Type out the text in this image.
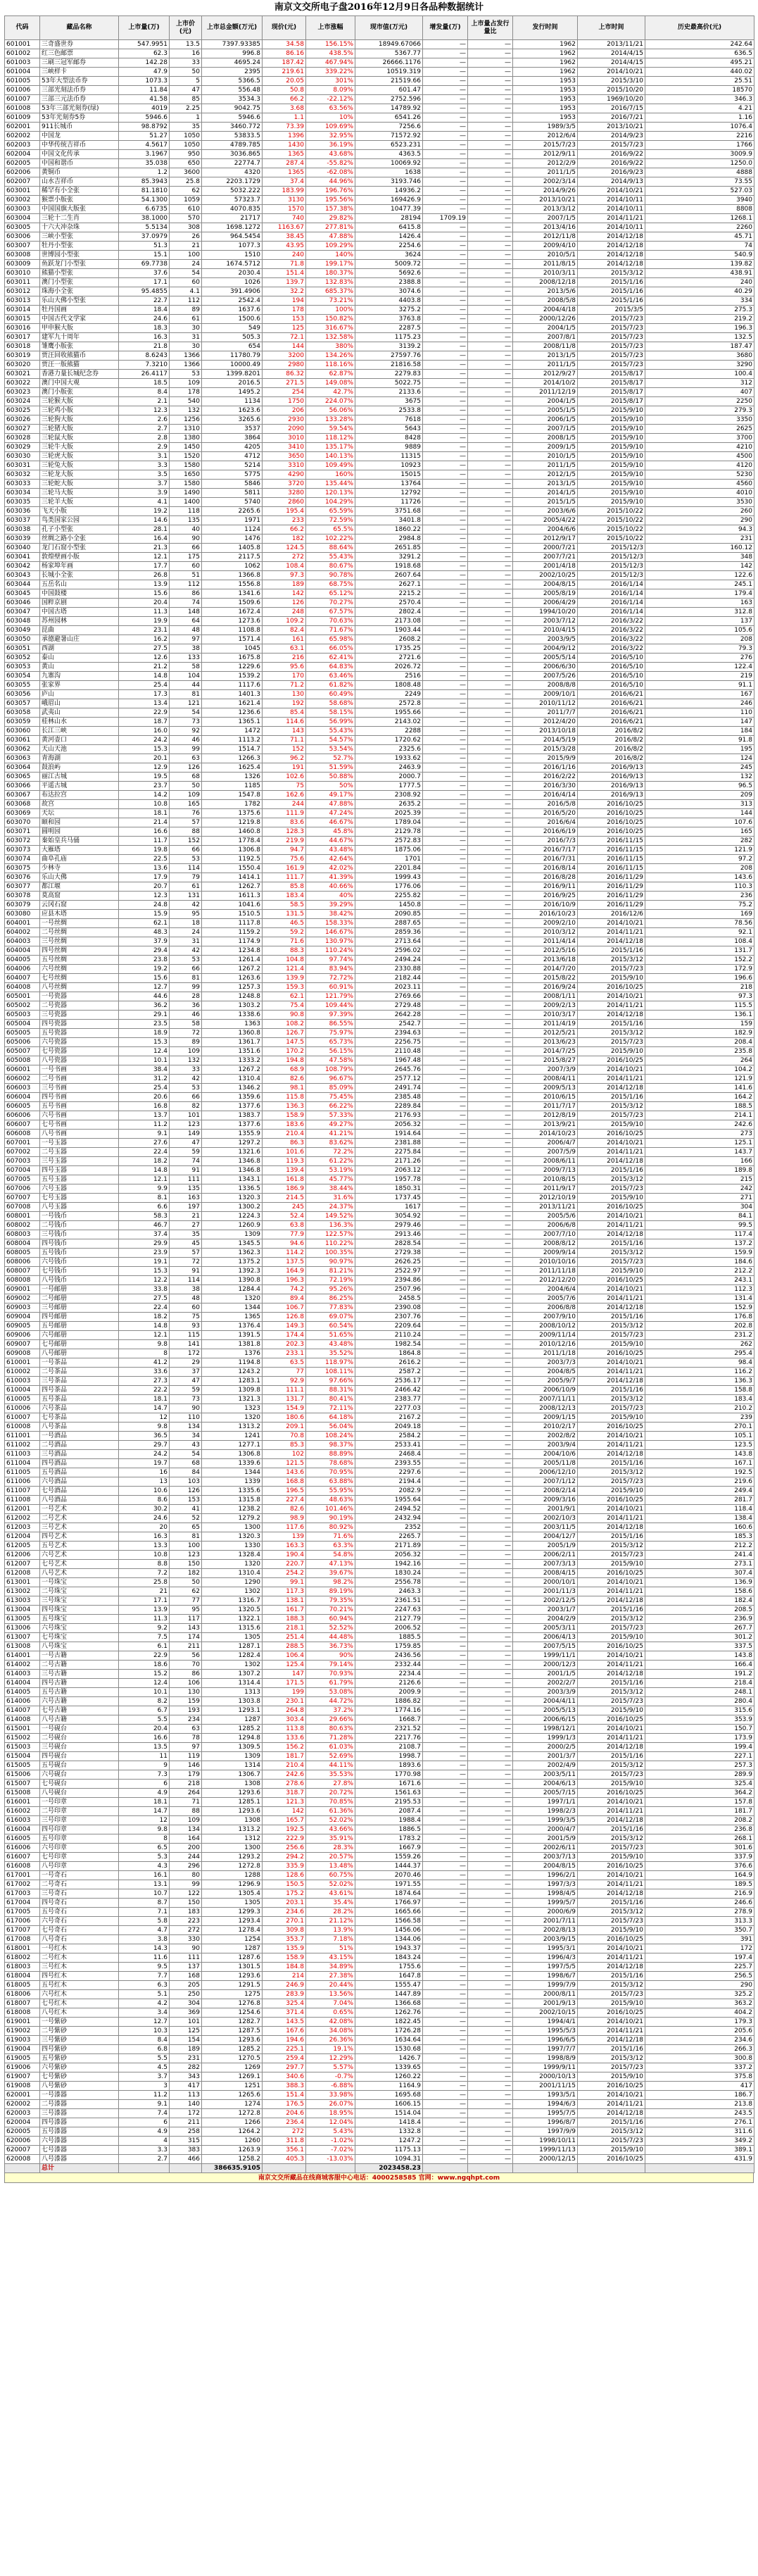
南京文交所电子盘2016年12月9日各品种数据统计
代码	藏品名称	上市量(万)	上市价(元)	上市总金额(万元)	现价(元)	上市涨幅	现市值(万元)	增发量(万)	上市量占发行量比	发行时间	上市时间	历史最高价(元)
601001	三奇盛世券	547.9951	13.5	7397.93385	34.58	156.15%	18949.67066	—	—	1962	2013/11/21	242.64
601002	红三色邮票	62.3	16	996.8	86.16	438.5%	5367.77	—	—	1962	2014/4/15	636.5
601003	三刷三冠军邮券	142.28	33	4695.24	187.42	467.94%	26666.1176	—	—	1962	2014/4/15	495.21
601004	三峡样卡	47.9	50	2395	219.61	339.22%	10519.319	—	—	1962	2014/10/21	440.02
601005	53年大型法币券	1073.3	5	5366.5	20.05	301%	21519.66	—	—	1953	2015/3/10	25.51
601006	三部光刻法币券	11.84	47	556.48	50.8	8.09%	601.47	—	—	1953	2015/10/20	18570
601007	三部三元法币券	41.58	85	3534.3	66.2	-22.12%	2752.596	—	—	1953	1969/10/20	346.3
601008	53年三部光刻券(绿)	4019	2.25	9042.75	3.68	63.56%	14789.92	—	—	1953	2016/7/15	4.21
601009	53年光刻券5券	5946.6	1	5946.6	1.1	10%	6541.26	—	—	1953	2016/7/21	1.16
602001	911长城币	98.8792	35	3460.772	73.39	109.69%	7256.6	—	—	1989/3/5	2013/10/21	1076.4
602002	中国龙	51.27	1050	53833.5	1396	32.95%	71572.92	—	—	2012/6/4	2014/9/23	2216
602003	中华传统吉祥币	4.5617	1050	4789.785	1430	36.19%	6523.231	—	—	2015/7/23	2015/7/23	1766
602004	中国文化传承	3.1967	950	3036.865	1365	43.68%	4363.5	—	—	2012/9/11	2016/9/22	3009.9
602005	中国和谐币	35.038	650	22774.7	287.4	-55.82%	10069.92	—	—	2012/2/9	2016/9/22	1250.0
602006	黄铜币	1.2	3600	4320	1365	-62.08%	1638	—	—	2011/1/5	2016/9/23	4888
602007	山水吉祥币	85.3943	25.8	2203.1729	37.4	44.96%	3193.746	—	—	2002/3/14	2014/9/13	73.55
603001	稀罕有小全张	81.1810	62	5032.222	183.99	196.76%	14936.2	—	—	2014/9/26	2014/10/21	527.03
603002	猴票小版张	54.1300	1059	57323.7	3130	195.56%	169426.9	—	—	2013/10/21	2014/10/11	3940
603003	中国国旗大版张	6.6735	610	4070.835	1570	157.38%	10477.39	—	—	2013/3/12	2014/10/11	8808
603004	三轮十二生肖	38.1000	570	21717	740	29.82%	28194	1709.19	—	2007/1/5	2014/11/21	1268.1
603005	十六大冲杂珠	5.5134	308	1698.1272	1163.67	277.81%	6415.8	—	—	2013/4/16	2014/10/11	2260
603006	三峡小型张	37.0979	26	964.5454	38.45	47.88%	1426.4	—	—	2012/11/8	2014/12/18	45.71
603007	牡丹小型张	51.3	21	1077.3	43.95	109.29%	2254.6	—	—	2009/4/10	2014/12/18	74
603008	世博园小型张	15.1	100	1510	240	140%	3624	—	—	2010/5/1	2014/12/18	540.9
603009	鱼跃龙门小型张	69.7738	24	1674.5712	71.8	199.17%	5009.72	—	—	2011/8/15	2014/12/18	139.82
603010	熊猫小型张	37.6	54	2030.4	151.4	180.37%	5692.6	—	—	2010/3/11	2015/3/12	438.91
603011	澳门小型张	17.1	60	1026	139.7	132.83%	2388.8	—	—	2008/12/18	2015/1/16	240
603012	珠海小全张	95.4855	4.1	391.4906	32.2	685.37%	3074.6	—	—	2013/5/6	2015/1/16	40.29
603013	乐山大佛小型张	22.7	112	2542.4	194	73.21%	4403.8	—	—	2008/5/8	2015/1/16	334
603014	牡丹国画	18.4	89	1637.6	178	100%	3275.2	—	—	2004/4/18	2015/3/5	275.3
603015	中国古代文学家	24.6	61	1500.6	153	150.82%	3763.8	—	—	2000/12/26	2015/7/23	219.2
603016	甲申猴大版	18.3	30	549	125	316.67%	2287.5	—	—	2004/1/5	2015/7/23	196.3
603017	建军九十周年	16.3	31	505.3	72.1	132.58%	1175.23	—	—	2007/8/1	2015/7/23	132.5
603018	雏鹰小版张	21.8	30	654	144	380%	3139.2	—	—	2008/11/8	2015/7/23	187.47
603019	贾汪回收熊猫币	8.6243	1366	11780.79	3200	134.26%	27597.76	—	—	2013/1/5	2015/7/23	3680
603020	贾汪一版熊猫	7.3210	1366	10000.49	2980	118.16%	21816.58	—	—	2011/1/5	2015/7/23	3290
603021	香港力量长城纪念券	26.4117	53	1399.8201	86.32	62.87%	2279.83	—	—	2012/9/27	2015/8/17	100.4
603022	澳门中国大观	18.5	109	2016.5	271.5	149.08%	5022.75	—	—	2014/10/2	2015/8/17	312
603023	澳门小版张	8.4	178	1495.2	254	42.7%	2133.6	—	—	2011/12/19	2015/8/17	407
603024	三轮猴大版	2.1	540	1134	1750	224.07%	3675	—	—	2004/1/5	2015/8/17	2250
603025	三轮鸡小版	12.3	132	1623.6	206	56.06%	2533.8	—	—	2005/1/5	2015/9/10	279.3
603026	三轮狗大版	2.6	1256	3265.6	2930	133.28%	7618	—	—	2006/1/5	2015/9/10	3350
603027	三轮猪大版	2.7	1310	3537	2090	59.54%	5643	—	—	2007/1/5	2015/9/10	2625
603028	三轮鼠大版	2.8	1380	3864	3010	118.12%	8428	—	—	2008/1/5	2015/9/10	3700
603029	三轮牛大版	2.9	1450	4205	3410	135.17%	9889	—	—	2009/1/5	2015/9/10	4210
603030	三轮虎大版	3.1	1520	4712	3650	140.13%	11315	—	—	2010/1/5	2015/9/10	4500
603031	三轮兔大版	3.3	1580	5214	3310	109.49%	10923	—	—	2011/1/5	2015/9/10	4120
603032	三轮龙大版	3.5	1650	5775	4290	160%	15015	—	—	2012/1/5	2015/9/10	5230
603033	三轮蛇大版	3.7	1580	5846	3720	135.44%	13764	—	—	2013/1/5	2015/9/10	4560
603034	三轮马大版	3.9	1490	5811	3280	120.13%	12792	—	—	2014/1/5	2015/9/10	4010
603035	三轮羊大版	4.1	1400	5740	2860	104.29%	11726	—	—	2015/1/5	2015/9/10	3530
603036	飞天小版	19.2	118	2265.6	195.4	65.59%	3751.68	—	—	2003/6/6	2015/10/22	260
603037	鸟类国家公园	14.6	135	1971	233	72.59%	3401.8	—	—	2005/4/22	2015/10/22	290
603038	孔子小型张	28.1	40	1124	66.2	65.5%	1860.22	—	—	2004/6/6	2015/10/22	94.3
603039	丝绸之路小全张	16.4	90	1476	182	102.22%	2984.8	—	—	2012/9/17	2015/10/22	231
603040	龙门石窟小型张	21.3	66	1405.8	124.5	88.64%	2651.85	—	—	2000/7/21	2015/12/3	160.12
603041	敦煌壁画小版	12.1	175	2117.5	272	55.43%	3291.2	—	—	2007/7/21	2015/12/3	348
603042	杨家埠年画	17.7	60	1062	108.4	80.67%	1918.68	—	—	2001/4/18	2015/12/3	142
603043	长城小全张	26.8	51	1366.8	97.3	90.78%	2607.64	—	—	2002/10/25	2015/12/3	122.6
603044	五岳名山	13.9	112	1556.8	189	68.75%	2627.1	—	—	2004/8/15	2016/1/14	245.1
603045	中国鼓楼	15.6	86	1341.6	142	65.12%	2215.2	—	—	2005/8/19	2016/1/14	179.4
603046	国粹京剧	20.4	74	1509.6	126	70.27%	2570.4	—	—	2006/4/29	2016/1/14	163
603047	中国古塔	11.3	148	1672.4	248	67.57%	2802.4	—	—	1994/10/20	2016/1/14	312.8
603048	苏州园林	19.9	64	1273.6	109.2	70.63%	2173.08	—	—	2003/7/12	2016/3/22	137
603049	昆曲	23.1	48	1108.8	82.4	71.67%	1903.44	—	—	2010/4/15	2016/3/22	105.6
603050	承德避暑山庄	16.2	97	1571.4	161	65.98%	2608.2	—	—	2003/9/5	2016/3/22	208
603051	西湖	27.5	38	1045	63.1	66.05%	1735.25	—	—	2004/9/12	2016/3/22	79.3
603052	泰山	12.6	133	1675.8	216	62.41%	2721.6	—	—	2005/5/14	2016/5/10	276
603053	黄山	21.2	58	1229.6	95.6	64.83%	2026.72	—	—	2006/6/30	2016/5/10	122.4
603054	九寨沟	14.8	104	1539.2	170	63.46%	2516	—	—	2007/5/26	2016/5/10	219
603055	张家界	25.4	44	1117.6	71.2	61.82%	1808.48	—	—	2008/8/8	2016/5/10	91.1
603056	庐山	17.3	81	1401.3	130	60.49%	2249	—	—	2009/10/1	2016/6/21	167
603057	峨眉山	13.4	121	1621.4	192	58.68%	2572.8	—	—	2010/11/12	2016/6/21	246
603058	武夷山	22.9	54	1236.6	85.4	58.15%	1955.66	—	—	2011/7/7	2016/6/21	110
603059	桂林山水	18.7	73	1365.1	114.6	56.99%	2143.02	—	—	2012/4/20	2016/6/21	147
603060	长江三峡	16.0	92	1472	143	55.43%	2288	—	—	2013/10/18	2016/8/2	184
603061	黄河壶口	24.2	46	1113.2	71.1	54.57%	1720.62	—	—	2014/5/19	2016/8/2	91.8
603062	天山天池	15.3	99	1514.7	152	53.54%	2325.6	—	—	2015/3/28	2016/8/2	195
603063	青海湖	20.1	63	1266.3	96.2	52.7%	1933.62	—	—	2015/9/9	2016/8/2	124
603064	鼓浪屿	12.9	126	1625.4	191	51.59%	2463.9	—	—	2016/1/16	2016/9/13	245
603065	丽江古城	19.5	68	1326	102.6	50.88%	2000.7	—	—	2016/2/22	2016/9/13	132
603066	平遥古城	23.7	50	1185	75	50%	1777.5	—	—	2016/3/30	2016/9/13	96.5
603067	布达拉宫	14.2	109	1547.8	162.6	49.17%	2308.92	—	—	2016/4/14	2016/9/13	209
603068	故宫	10.8	165	1782	244	47.88%	2635.2	—	—	2016/5/8	2016/10/25	313
603069	天坛	18.1	76	1375.6	111.9	47.24%	2025.39	—	—	2016/5/20	2016/10/25	144
603070	颐和园	21.4	57	1219.8	83.6	46.67%	1789.04	—	—	2016/6/4	2016/10/25	107.6
603071	圆明园	16.6	88	1460.8	128.3	45.8%	2129.78	—	—	2016/6/19	2016/10/25	165
603072	秦始皇兵马俑	11.7	152	1778.4	219.9	44.67%	2572.83	—	—	2016/7/3	2016/11/15	282
603073	大雁塔	19.8	66	1306.8	94.7	43.48%	1875.06	—	—	2016/7/17	2016/11/15	121.9
603074	曲阜孔庙	22.5	53	1192.5	75.6	42.64%	1701	—	—	2016/7/31	2016/11/15	97.2
603075	少林寺	13.6	114	1550.4	161.9	42.02%	2201.84	—	—	2016/8/14	2016/11/15	208
603076	乐山大佛	17.9	79	1414.1	111.7	41.39%	1999.43	—	—	2016/8/28	2016/11/29	143.6
603077	都江堰	20.7	61	1262.7	85.8	40.66%	1776.06	—	—	2016/9/11	2016/11/29	110.3
603078	莫高窟	12.3	131	1611.3	183.4	40%	2255.82	—	—	2016/9/25	2016/11/29	236
603079	云冈石窟	24.8	42	1041.6	58.5	39.29%	1450.8	—	—	2016/10/9	2016/11/29	75.2
603080	应县木塔	15.9	95	1510.5	131.5	38.42%	2090.85	—	—	2016/10/23	2016/12/6	169
604001	一号丝绸	62.1	18	1117.8	46.5	158.33%	2887.65	—	—	2009/2/10	2014/10/21	78.56
604002	二号丝绸	48.3	24	1159.2	59.2	146.67%	2859.36	—	—	2010/3/12	2014/11/21	92.1
604003	三号丝绸	37.9	31	1174.9	71.6	130.97%	2713.64	—	—	2011/4/14	2014/12/18	108.4
604004	四号丝绸	29.4	42	1234.8	88.3	110.24%	2596.02	—	—	2012/5/16	2015/1/16	131.7
604005	五号丝绸	23.8	53	1261.4	104.8	97.74%	2494.24	—	—	2013/6/18	2015/3/12	152.2
604006	六号丝绸	19.2	66	1267.2	121.4	83.94%	2330.88	—	—	2014/7/20	2015/7/23	172.9
604007	七号丝绸	15.6	81	1263.6	139.9	72.72%	2182.44	—	—	2015/8/22	2015/9/10	196.6
604008	八号丝绸	12.7	99	1257.3	159.3	60.91%	2023.11	—	—	2016/9/24	2016/10/25	218
605001	一号瓷器	44.6	28	1248.8	62.1	121.79%	2769.66	—	—	2008/1/11	2014/10/21	97.3
605002	二号瓷器	36.2	36	1303.2	75.4	109.44%	2729.48	—	—	2009/2/13	2014/11/21	115.5
605003	三号瓷器	29.1	46	1338.6	90.8	97.39%	2642.28	—	—	2010/3/17	2014/12/18	136.1
605004	四号瓷器	23.5	58	1363	108.2	86.55%	2542.7	—	—	2011/4/19	2015/1/16	159
605005	五号瓷器	18.9	72	1360.8	126.7	75.97%	2394.63	—	—	2012/5/21	2015/3/12	182.9
605006	六号瓷器	15.3	89	1361.7	147.5	65.73%	2256.75	—	—	2013/6/23	2015/7/23	208.4
605007	七号瓷器	12.4	109	1351.6	170.2	56.15%	2110.48	—	—	2014/7/25	2015/9/10	235.8
605008	八号瓷器	10.1	132	1333.2	194.8	47.58%	1967.48	—	—	2015/8/27	2016/10/25	264
606001	一号书画	38.4	33	1267.2	68.9	108.79%	2645.76	—	—	2007/3/9	2014/10/21	104.2
606002	二号书画	31.2	42	1310.4	82.6	96.67%	2577.12	—	—	2008/4/11	2014/11/21	121.9
606003	三号书画	25.4	53	1346.2	98.1	85.09%	2491.74	—	—	2009/5/13	2014/12/18	141.6
606004	四号书画	20.6	66	1359.6	115.8	75.45%	2385.48	—	—	2010/6/15	2015/1/16	164.2
606005	五号书画	16.8	82	1377.6	136.3	66.22%	2289.84	—	—	2011/7/17	2015/3/12	188.5
606006	六号书画	13.7	101	1383.7	158.9	57.33%	2176.93	—	—	2012/8/19	2015/7/23	214.1
606007	七号书画	11.2	123	1377.6	183.6	49.27%	2056.32	—	—	2013/9/21	2015/9/10	242.6
606008	八号书画	9.1	149	1355.9	210.4	41.21%	1914.64	—	—	2014/10/23	2016/10/25	273
607001	一号玉器	27.6	47	1297.2	86.3	83.62%	2381.88	—	—	2006/4/7	2014/10/21	125.1
607002	二号玉器	22.4	59	1321.6	101.6	72.2%	2275.84	—	—	2007/5/9	2014/11/21	143.7
607003	三号玉器	18.2	74	1346.8	119.3	61.22%	2171.26	—	—	2008/6/11	2014/12/18	166
607004	四号玉器	14.8	91	1346.8	139.4	53.19%	2063.12	—	—	2009/7/13	2015/1/16	189.8
607005	五号玉器	12.1	111	1343.1	161.8	45.77%	1957.78	—	—	2010/8/15	2015/3/12	215
607006	六号玉器	9.9	135	1336.5	186.9	38.44%	1850.31	—	—	2011/9/17	2015/7/23	242
607007	七号玉器	8.1	163	1320.3	214.5	31.6%	1737.45	—	—	2012/10/19	2015/9/10	271
607008	八号玉器	6.6	197	1300.2	245	24.37%	1617	—	—	2013/11/21	2016/10/25	304
608001	一号钱币	58.3	21	1224.3	52.4	149.52%	3054.92	—	—	2005/5/6	2014/10/21	84.1
608002	二号钱币	46.7	27	1260.9	63.8	136.3%	2979.46	—	—	2006/6/8	2014/11/21	99.5
608003	三号钱币	37.4	35	1309	77.9	122.57%	2913.46	—	—	2007/7/10	2014/12/18	117.4
608004	四号钱币	29.9	45	1345.5	94.6	110.22%	2828.54	—	—	2008/8/12	2015/1/16	137.2
608005	五号钱币	23.9	57	1362.3	114.2	100.35%	2729.38	—	—	2009/9/14	2015/3/12	159.9
608006	六号钱币	19.1	72	1375.2	137.5	90.97%	2626.25	—	—	2010/10/16	2015/7/23	184.6
608007	七号钱币	15.3	91	1392.3	164.9	81.21%	2522.97	—	—	2011/11/18	2015/9/10	212.2
608008	八号钱币	12.2	114	1390.8	196.3	72.19%	2394.86	—	—	2012/12/20	2016/10/25	243.1
609001	一号邮册	33.8	38	1284.4	74.2	95.26%	2507.96	—	—	2004/6/4	2014/10/21	112.3
609002	二号邮册	27.5	48	1320	89.4	86.25%	2458.5	—	—	2005/7/6	2014/11/21	131.4
609003	三号邮册	22.4	60	1344	106.7	77.83%	2390.08	—	—	2006/8/8	2014/12/18	152.9
609004	四号邮册	18.2	75	1365	126.8	69.07%	2307.76	—	—	2007/9/10	2015/1/16	176.8
609005	五号邮册	14.8	93	1376.4	149.3	60.54%	2209.64	—	—	2008/10/12	2015/3/12	202.8
609006	六号邮册	12.1	115	1391.5	174.4	51.65%	2110.24	—	—	2009/11/14	2015/7/23	231.2
609007	七号邮册	9.8	141	1381.8	202.3	43.48%	1982.54	—	—	2010/12/16	2015/9/10	262
609008	八号邮册	8	172	1376	233.1	35.52%	1864.8	—	—	2011/1/18	2016/10/25	295.4
610001	一号茶品	41.2	29	1194.8	63.5	118.97%	2616.2	—	—	2003/7/3	2014/10/21	98.4
610002	二号茶品	33.6	37	1243.2	77	108.11%	2587.2	—	—	2004/8/5	2014/11/21	116.2
610003	三号茶品	27.3	47	1283.1	92.9	97.66%	2536.17	—	—	2005/9/7	2014/12/18	136.3
610004	四号茶品	22.2	59	1309.8	111.1	88.31%	2466.42	—	—	2006/10/9	2015/1/16	158.8
610005	五号茶品	18.1	73	1321.3	131.7	80.41%	2383.77	—	—	2007/11/11	2015/3/12	183.4
610006	六号茶品	14.7	90	1323	154.9	72.11%	2277.03	—	—	2008/12/13	2015/7/23	210.2
610007	七号茶品	12	110	1320	180.6	64.18%	2167.2	—	—	2009/1/15	2015/9/10	239
610008	八号茶品	9.8	134	1313.2	209.1	56.04%	2049.18	—	—	2010/2/17	2016/10/25	270.1
611001	一号酒品	36.5	34	1241	70.8	108.24%	2584.2	—	—	2002/8/2	2014/10/21	105.1
611002	二号酒品	29.7	43	1277.1	85.3	98.37%	2533.41	—	—	2003/9/4	2014/11/21	123.5
611003	三号酒品	24.2	54	1306.8	102	88.89%	2468.4	—	—	2004/10/6	2014/12/18	143.8
611004	四号酒品	19.7	68	1339.6	121.5	78.68%	2393.55	—	—	2005/11/8	2015/1/16	167.1
611005	五号酒品	16	84	1344	143.6	70.95%	2297.6	—	—	2006/12/10	2015/3/12	192.5
611006	六号酒品	13	103	1339	168.8	63.88%	2194.4	—	—	2007/1/12	2015/7/23	219.6
611007	七号酒品	10.6	126	1335.6	196.5	55.95%	2082.9	—	—	2008/2/14	2015/9/10	249.4
611008	八号酒品	8.6	153	1315.8	227.4	48.63%	1955.64	—	—	2009/3/16	2016/10/25	281.7
612001	一号艺术	30.2	41	1238.2	82.6	101.46%	2494.52	—	—	2001/9/1	2014/10/21	118.4
612002	二号艺术	24.6	52	1279.2	98.9	90.19%	2432.94	—	—	2002/10/3	2014/11/21	138.4
612003	三号艺术	20	65	1300	117.6	80.92%	2352	—	—	2003/11/5	2014/12/18	160.6
612004	四号艺术	16.3	81	1320.3	139	71.6%	2265.7	—	—	2004/12/7	2015/1/16	185.3
612005	五号艺术	13.3	100	1330	163.3	63.3%	2171.89	—	—	2005/1/9	2015/3/12	212.2
612006	六号艺术	10.8	123	1328.4	190.4	54.8%	2056.32	—	—	2006/2/11	2015/7/23	241.4
612007	七号艺术	8.8	150	1320	220.7	47.13%	1942.16	—	—	2007/3/13	2015/9/10	273.1
612008	八号艺术	7.2	182	1310.4	254.2	39.67%	1830.24	—	—	2008/4/15	2016/10/25	307.4
613001	一号珠宝	25.8	50	1290	99.1	98.2%	2556.78	—	—	2000/10/1	2014/10/21	136.9
613002	二号珠宝	21	62	1302	117.3	89.19%	2463.3	—	—	2001/11/3	2014/11/21	158.6
613003	三号珠宝	17.1	77	1316.7	138.1	79.35%	2361.51	—	—	2002/12/5	2014/12/18	182.4
613004	四号珠宝	13.9	95	1320.5	161.7	70.21%	2247.63	—	—	2003/1/7	2015/1/16	208.5
613005	五号珠宝	11.3	117	1322.1	188.3	60.94%	2127.79	—	—	2004/2/9	2015/3/12	236.9
613006	六号珠宝	9.2	143	1315.6	218.1	52.52%	2006.52	—	—	2005/3/11	2015/7/23	267.7
613007	七号珠宝	7.5	174	1305	251.4	44.48%	1885.5	—	—	2006/4/13	2015/9/10	301.2
613008	八号珠宝	6.1	211	1287.1	288.5	36.73%	1759.85	—	—	2007/5/15	2016/10/25	337.5
614001	一号古籍	22.9	56	1282.4	106.4	90%	2436.56	—	—	1999/11/1	2014/10/21	143.8
614002	二号古籍	18.6	70	1302	125.4	79.14%	2332.44	—	—	2000/12/3	2014/11/21	166.4
614003	三号古籍	15.2	86	1307.2	147	70.93%	2234.4	—	—	2001/1/5	2014/12/18	191.2
614004	四号古籍	12.4	106	1314.4	171.5	61.79%	2126.6	—	—	2002/2/7	2015/1/16	218.4
614005	五号古籍	10.1	130	1313	199	53.08%	2009.9	—	—	2003/3/9	2015/3/12	248.1
614006	六号古籍	8.2	159	1303.8	230.1	44.72%	1886.82	—	—	2004/4/11	2015/7/23	280.4
614007	七号古籍	6.7	193	1293.1	264.8	37.2%	1774.16	—	—	2005/5/13	2015/9/10	315.6
614008	八号古籍	5.5	234	1287	303.4	29.66%	1668.7	—	—	2006/6/15	2016/10/25	353.9
615001	一号砚台	20.4	63	1285.2	113.8	80.63%	2321.52	—	—	1998/12/1	2014/10/21	150.7
615002	二号砚台	16.6	78	1294.8	133.6	71.28%	2217.76	—	—	1999/1/3	2014/11/21	173.9
615003	三号砚台	13.5	97	1309.5	156.2	61.03%	2108.7	—	—	2000/2/5	2014/12/18	199.4
615004	四号砚台	11	119	1309	181.7	52.69%	1998.7	—	—	2001/3/7	2015/1/16	227.1
615005	五号砚台	9	146	1314	210.4	44.11%	1893.6	—	—	2002/4/9	2015/3/12	257.3
615006	六号砚台	7.3	179	1306.7	242.6	35.53%	1770.98	—	—	2003/5/11	2015/7/23	289.9
615007	七号砚台	6	218	1308	278.6	27.8%	1671.6	—	—	2004/6/13	2015/9/10	325.4
615008	八号砚台	4.9	264	1293.6	318.7	20.72%	1561.63	—	—	2005/7/15	2016/10/25	364.2
616001	一号印章	18.1	71	1285.1	121.3	70.85%	2195.53	—	—	1997/1/1	2014/10/21	157.8
616002	二号印章	14.7	88	1293.6	142	61.36%	2087.4	—	—	1998/2/3	2014/11/21	181.7
616003	三号印章	12	109	1308	165.7	52.02%	1988.4	—	—	1999/3/5	2014/12/18	208.2
616004	四号印章	9.8	134	1313.2	192.5	43.66%	1886.5	—	—	2000/4/7	2015/1/16	236.8
616005	五号印章	8	164	1312	222.9	35.91%	1783.2	—	—	2001/5/9	2015/3/12	268.1
616006	六号印章	6.5	200	1300	256.6	28.3%	1667.9	—	—	2002/6/11	2015/7/23	301.6
616007	七号印章	5.3	244	1293.2	294.2	20.57%	1559.26	—	—	2003/7/13	2015/9/10	337.9
616008	八号印章	4.3	296	1272.8	335.9	13.48%	1444.37	—	—	2004/8/15	2016/10/25	376.6
617001	一号奇石	16.1	80	1288	128.6	60.75%	2070.46	—	—	1996/2/1	2014/10/21	164.9
617002	二号奇石	13.1	99	1296.9	150.5	52.02%	1971.55	—	—	1997/3/3	2014/11/21	189.5
617003	三号奇石	10.7	122	1305.4	175.2	43.61%	1874.64	—	—	1998/4/5	2014/12/18	216.9
617004	四号奇石	8.7	150	1305	203.1	35.4%	1766.97	—	—	1999/5/7	2015/1/16	246.6
617005	五号奇石	7.1	183	1299.3	234.6	28.2%	1665.66	—	—	2000/6/9	2015/3/12	278.9
617006	六号奇石	5.8	223	1293.4	270.1	21.12%	1566.58	—	—	2001/7/11	2015/7/23	313.3
617007	七号奇石	4.7	272	1278.4	309.8	13.9%	1456.06	—	—	2002/8/13	2015/9/10	350.7
617008	八号奇石	3.8	330	1254	353.7	7.18%	1344.06	—	—	2003/9/15	2016/10/25	391
618001	一号红木	14.3	90	1287	135.9	51%	1943.37	—	—	1995/3/1	2014/10/21	172
618002	二号红木	11.6	111	1287.6	158.9	43.15%	1843.24	—	—	1996/4/3	2014/11/21	197.4
618003	三号红木	9.5	137	1301.5	184.8	34.89%	1755.6	—	—	1997/5/5	2014/12/18	225.7
618004	四号红木	7.7	168	1293.6	214	27.38%	1647.8	—	—	1998/6/7	2015/1/16	256.5
618005	五号红木	6.3	205	1291.5	246.9	20.44%	1555.47	—	—	1999/7/9	2015/3/12	290
618006	六号红木	5.1	250	1275	283.9	13.56%	1447.89	—	—	2000/8/11	2015/7/23	325.2
618007	七号红木	4.2	304	1276.8	325.4	7.04%	1366.68	—	—	2001/9/13	2015/9/10	363.2
618008	八号红木	3.4	369	1254.6	371.4	0.65%	1262.76	—	—	2002/10/15	2016/10/25	404.2
619001	一号紫砂	12.7	101	1282.7	143.5	42.08%	1822.45	—	—	1994/4/1	2014/10/21	179.3
619002	二号紫砂	10.3	125	1287.5	167.6	34.08%	1726.28	—	—	1995/5/3	2014/11/21	205.6
619003	三号紫砂	8.4	154	1293.6	194.6	26.36%	1634.64	—	—	1996/6/5	2014/12/18	234.6
619004	四号紫砂	6.8	189	1285.2	225.1	19.1%	1530.68	—	—	1997/7/7	2015/1/16	266.3
619005	五号紫砂	5.5	231	1270.5	259.4	12.29%	1426.7	—	—	1998/8/9	2015/3/12	300.8
619006	六号紫砂	4.5	282	1269	297.7	5.57%	1339.65	—	—	1999/9/11	2015/7/23	337.2
619007	七号紫砂	3.7	343	1269.1	340.6	-0.7%	1260.22	—	—	2000/10/13	2015/9/10	375.8
619008	八号紫砂	3	417	1251	388.3	-6.88%	1164.9	—	—	2001/11/15	2016/10/25	417
620001	一号漆器	11.2	113	1265.6	151.4	33.98%	1695.68	—	—	1993/5/1	2014/10/21	186.7
620002	二号漆器	9.1	140	1274	176.5	26.07%	1606.15	—	—	1994/6/3	2014/11/21	213.8
620003	三号漆器	7.4	172	1272.8	204.6	18.95%	1514.04	—	—	1995/7/5	2014/12/18	243.5
620004	四号漆器	6	211	1266	236.4	12.04%	1418.4	—	—	1996/8/7	2015/1/16	276.1
620005	五号漆器	4.9	258	1264.2	272	5.43%	1332.8	—	—	1997/9/9	2015/3/12	311.6
620006	六号漆器	4	315	1260	311.8	-1.02%	1247.2	—	—	1998/10/11	2015/7/23	349.2
620007	七号漆器	3.3	383	1263.9	356.1	-7.02%	1175.13	—	—	1999/11/13	2015/9/10	389.1
620008	八号漆器	2.7	466	1258.2	405.3	-13.03%	1094.31	—	—	2000/12/15	2016/10/25	431.9
	总计			386635.9105			2023458.23					
南京文交所藏品在线商城客服中心电话：4000258585 官网：www.ngqhpt.com
